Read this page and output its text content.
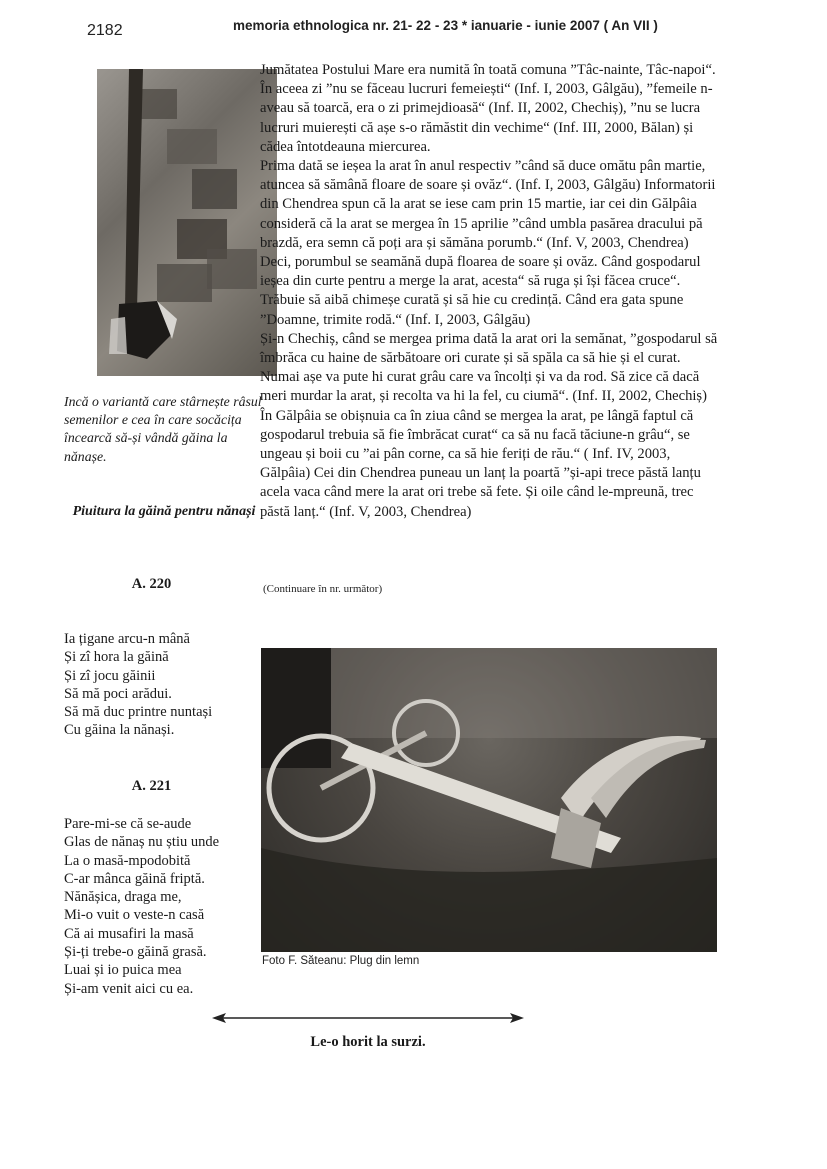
2182	memoria ethnologica nr. 21- 22 - 23 * ianuarie - iunie 2007 ( An VII )

Jumătatea Postului Mare era numită în toată comuna ”Tâc-nainte, Tâc-napoi“. În aceea zi ”nu se făceau lucruri femeiești“ (Inf. I, 2003, Gâlgău), ”femeile n-aveau să toarcă, era o zi primejdioasă“ (Inf. II, 2002, Chechiș), ”nu se lucra lucruri muierești că așe s-o rămăstit din vechime“ (Inf. III, 2000, Bălan) și cădea întotdeauna miercurea.

Prima dată se ieșea la arat în anul respectiv ”când să duce omătu pân martie, atuncea să sămână floare de soare și ovăz“. (Inf. I, 2003, Gâlgău) Informatorii din Chendrea spun că la arat se iese cam prin 15 martie, iar cei din Gălpâia consideră că la arat se mergea în 15 aprilie ”când umbla pasărea dracului pă brazdă, era semn că poți ara și sămăna porumb.“ (Inf. V, 2003, Chendrea) Deci, porumbul se seamănă după floarea de soare și ovăz. Când gospodarul ieșea din curte pentru a merge la arat, acesta“ să ruga și își făcea cruce“. Trăbuie să aibă chimeșe curată și să hie cu credință. Când era gata spune ”Doamne, trimite rodă.“ (Inf. I, 2003, Gâlgău)

Și-n Chechiș, când se mergea prima dată la arat ori la semănat, ”gospodarul să îmbrăca cu haine de sărbătoare ori curate și să spăla ca să hie și el curat. Numai așe va pute hi curat grâu care va încolți și va da rod. Să zice că dacă meri murdar la arat, și recolta va hi la fel, cu ciumă“. (Inf. II, 2002, Chechiș)

În Gălpâia se obișnuia ca în ziua când se mergea la arat, pe lângă faptul că gospodarul trebuia să fie îmbrăcat curat“ ca să nu facă tăciune-n grâu“, se ungeau și boii cu ”ai pân corne, ca să hie feriți de rău.“ ( Inf. IV, 2003, Gălpâia) Cei din Chendrea puneau un lanț la poartă ”și-api trece păstă lanțu acela vaca când mere la arat ori trebe să fete. Și oile când le-mpreună, trec păstă lanț.“ (Inf. V, 2003, Chendrea)

(Continuare în nr. următor)
Incă o variantă care stârnește râsul semenilor e cea în care socăcița încearcă să-și vândă găina la nănașe.
Piuitura la găină pentru nănași
A. 220
Ia țigane arcu-n mână
Și zî hora la găină
Și zî jocu găinii
Să mă poci arădui.
Să mă duc printre nuntași
Cu găina la nănași.
A. 221
Pare-mi-se că se-aude
Glas de nănaș nu știu unde
La o masă-mpodobită
C-ar mânca găină friptă.
Nănășica, draga me,
Mi-o vuit o veste-n casă
Că ai musafiri la masă
Și-ți trebe-o găină grasă.
Luai și io puica mea
Și-am venit aici cu ea.
Foto F. Săteanu: Plug din lemn
Le-o horit la surzi.
